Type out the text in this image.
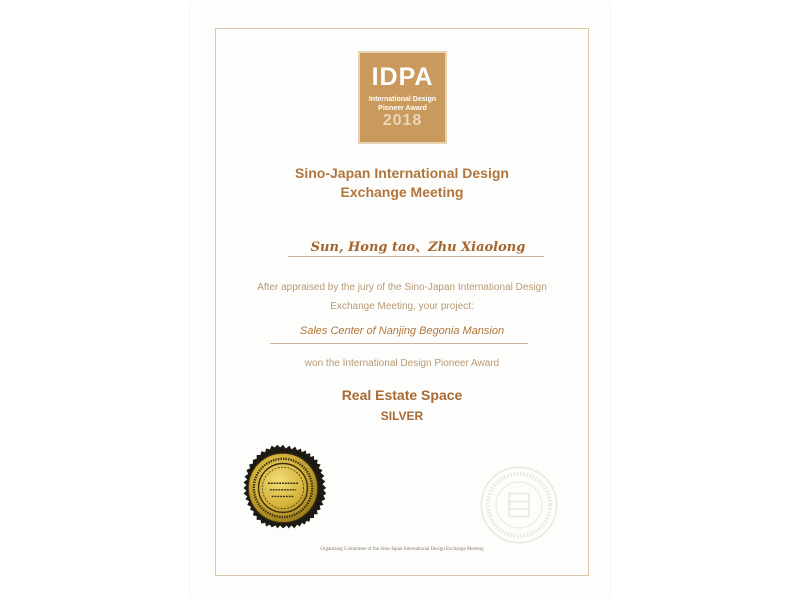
IDPA
International Design
Pioneer Award
2018
Sino-Japan International Design
Exchange Meeting
Sun, Hong tao、Zhu Xiaolong
After appraised by the jury of the Sino-Japan International Design
Exchange Meeting, your project:
Sales Center of Nanjing Begonia Mansion
won the International Design Pioneer Award
Real Estate Space
SILVER
Organizing Committee of the Sino-Japan International Design Exchange Meeting
